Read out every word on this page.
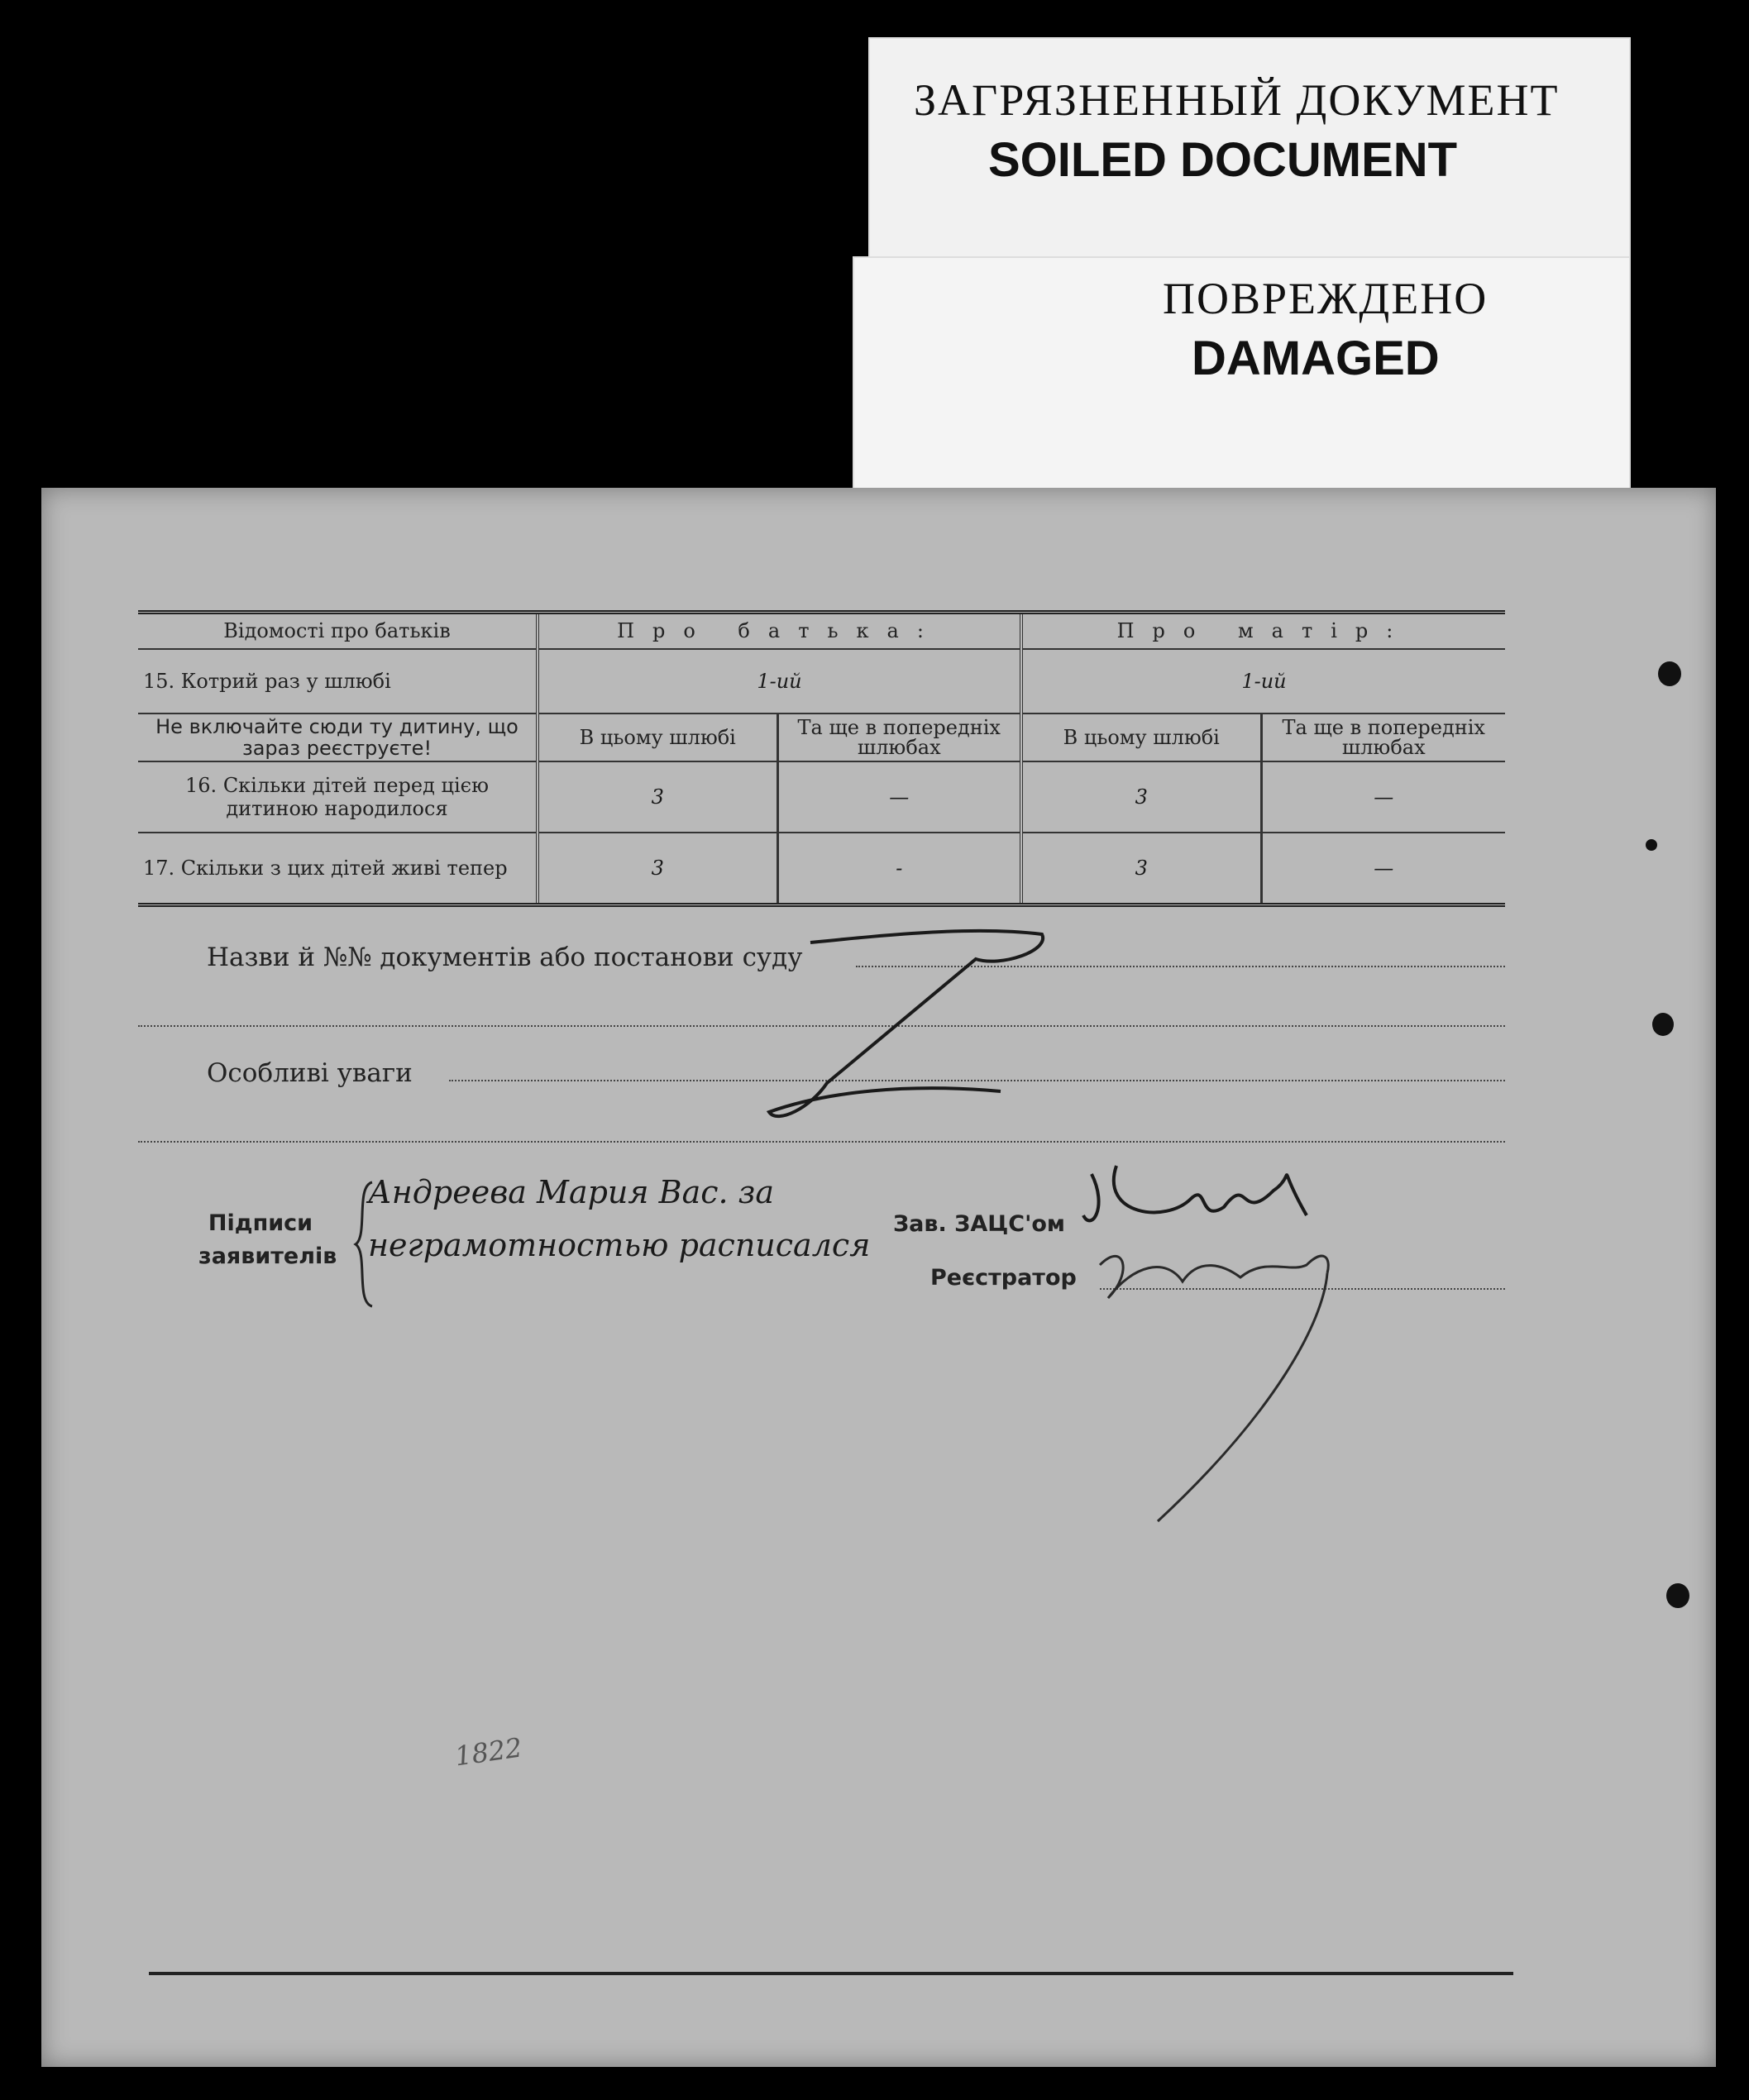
ЗАГРЯЗНЕННЫЙ ДОКУМЕНТ
SOILED DOCUMENT
ПОВРЕЖДЕНО
DAMAGED
Відомості про батьків	Про батька:		Про матір:	
15. Котрий раз у шлюбі	1-ий		1-ий	
Не включайте сюди ту дитину, що зараз реєструєте!	В цьому шлюбі	Та ще в попередніх шлюбах	В цьому шлюбі	Та ще в попередніх шлюбах
16. Скільки дітей перед цією дитиною народилося	3	—	3	—
17. Скільки з цих дітей живі тепер	3	-	3	—
Назви й №№ документів або постанови суду
Особливі уваги
Підписи
заявителів
Андреева Мария Вас. за неграмотностью расписался
Зав. ЗАЦС'ом
Реєстратор
1822
